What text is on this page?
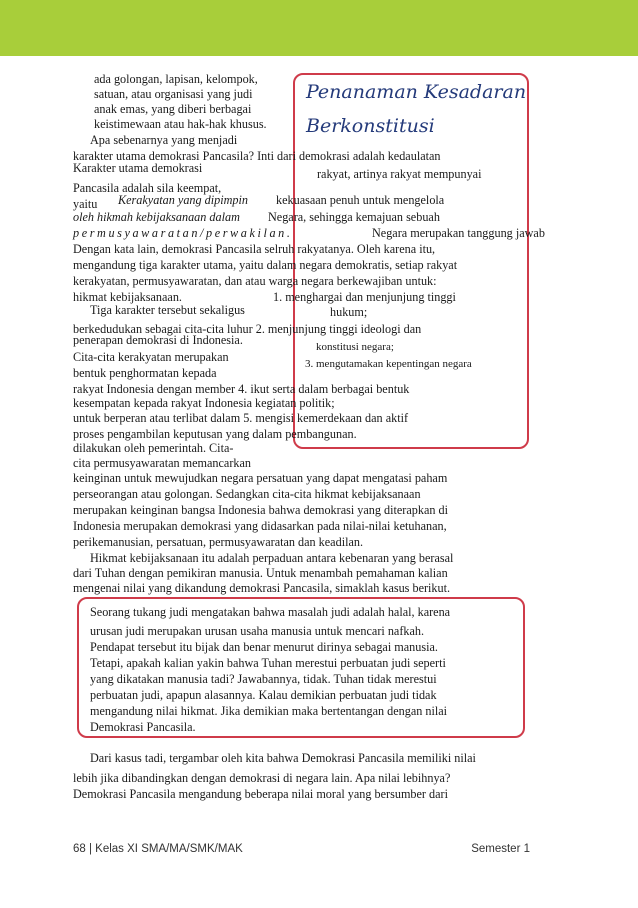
Penanaman Kesadaran
Berkonstitusi
ada golongan, lapisan, kelompok,
satuan, atau organisasi yang judi
anak emas, yang diberi berbagai
keistimewaan atau hak-hak khusus.
Apa sebenarnya yang menjadi
karakter utama demokrasi Pancasila? Inti dari demokrasi adalah kedaulatan
Karakter utama demokrasi	rakyat, artinya rakyat mempunyai
Pancasila adalah sila keempat,
yaitu Kerakyatan yang dipimpin kekuasaan penuh untuk mengelola
oleh hikmah kebijaksanaan dalam Negara, sehingga kemajuan sebuah
permusyawaratan/perwakilan.	Negara merupakan tanggung jawab
Dengan kata lain, demokrasi Pancasila selruh rakyatanya. Oleh karena itu,
mengandung tiga karakter utama, yaitu dalam negara demokratis, setiap rakyat
kerakyatan, permusyawaratan, dan atau warga negara berkewajiban untuk:
hikmat kebijaksanaan.	1. menghargai dan menjunjung tinggi
Tiga karakter tersebut sekaligus	hukum;
berkedudukan sebagai cita-cita luhur 2. menjunjung tinggi ideologi dan
penerapan demokrasi di Indonesia.	konstitusi negara;
Cita-cita kerakyatan merupakan	3. mengutamakan kepentingan negara
bentuk penghormatan kepada
rakyat Indonesia dengan member 4. ikut serta dalam berbagai bentuk
kesempatan kepada rakyat Indonesia kegiatan politik;
untuk berperan atau terlibat dalam 5. mengisi kemerdekaan dan aktif
proses pengambilan keputusan yang dalam pembangunan.
dilakukan oleh pemerintah. Cita-
cita permusyawaratan memancarkan
keinginan untuk mewujudkan negara persatuan yang dapat mengatasi paham
perseorangan atau golongan. Sedangkan cita-cita hikmat kebijaksanaan
merupakan keinginan bangsa Indonesia bahwa demokrasi yang diterapkan di
Indonesia merupakan demokrasi yang didasarkan pada nilai-nilai ketuhanan,
perikemanusian, persatuan, permusyawaratan dan keadilan.
Hikmat kebijaksanaan itu adalah perpaduan antara kebenaran yang berasal
dari Tuhan dengan pemikiran manusia. Untuk menambah pemahaman kalian
mengenai nilai yang dikandung demokrasi Pancasila, simaklah kasus berikut.
Seorang tukang judi mengatakan bahwa masalah judi adalah halal, karena
urusan judi merupakan urusan usaha manusia untuk mencari nafkah.
Pendapat tersebut itu bijak dan benar menurut dirinya sebagai manusia.
Tetapi, apakah kalian yakin bahwa Tuhan merestui perbuatan judi seperti
yang dikatakan manusia tadi? Jawabannya, tidak. Tuhan tidak merestui
perbuatan judi, apapun alasannya. Kalau demikian perbuatan judi tidak
mengandung nilai hikmat. Jika demikian maka bertentangan dengan nilai
Demokrasi Pancasila.
Dari kasus tadi, tergambar oleh kita bahwa Demokrasi Pancasila memiliki nilai
lebih jika dibandingkan dengan demokrasi di negara lain. Apa nilai lebihnya?
Demokrasi Pancasila mengandung beberapa nilai moral yang bersumber dari
68 | Kelas XI SMA/MA/SMK/MAK	Semester 1
